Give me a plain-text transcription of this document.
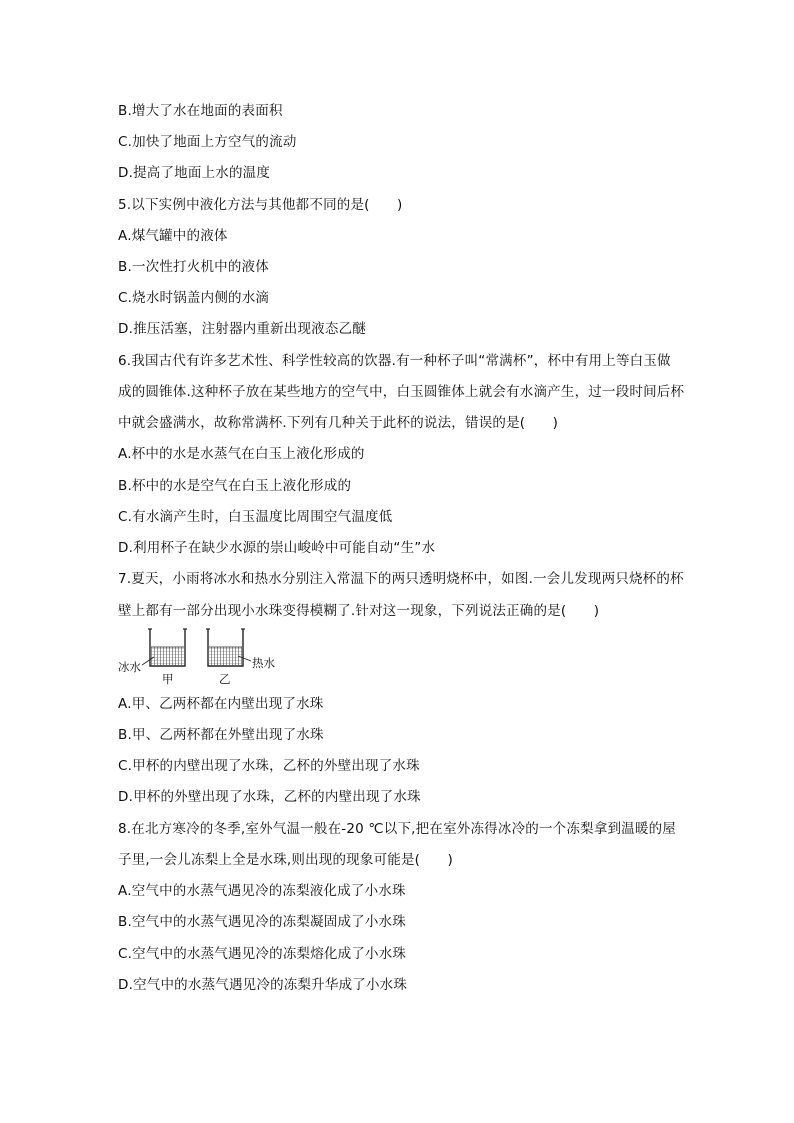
B.增大了水在地面的表面积
C.加快了地面上方空气的流动
D.提高了地面上水的温度
5.以下实例中液化方法与其他都不同的是(　　)
A.煤气罐中的液体
B.一次性打火机中的液体
C.烧水时锅盖内侧的水滴
D.推压活塞，注射器内重新出现液态乙醚
6.我国古代有许多艺术性、科学性较高的饮器.有一种杯子叫“常满杯”，杯中有用上等白玉做
成的圆锥体.这种杯子放在某些地方的空气中，白玉圆锥体上就会有水滴产生，过一段时间后杯
中就会盛满水，故称常满杯.下列有几种关于此杯的说法，错误的是(　　)
A.杯中的水是水蒸气在白玉上液化形成的
B.杯中的水是空气在白玉上液化形成的
C.有水滴产生时，白玉温度比周围空气温度低
D.利用杯子在缺少水源的崇山峻岭中可能自动“生”水
7.夏天，小雨将冰水和热水分别注入常温下的两只透明烧杯中，如图.一会儿发现两只烧杯的杯
壁上都有一部分出现小水珠变得模糊了.针对这一现象，下列说法正确的是(　　)
冰水	热水
甲	乙
A.甲、乙两杯都在内壁出现了水珠
B.甲、乙两杯都在外壁出现了水珠
C.甲杯的内壁出现了水珠，乙杯的外壁出现了水珠
D.甲杯的外壁出现了水珠，乙杯的内壁出现了水珠
8.在北方寒冷的冬季,室外气温一般在-20 ℃以下,把在室外冻得冰冷的一个冻梨拿到温暖的屋
子里,一会儿冻梨上全是水珠,则出现的现象可能是(　　)
A.空气中的水蒸气遇见冷的冻梨液化成了小水珠
B.空气中的水蒸气遇见冷的冻梨凝固成了小水珠
C.空气中的水蒸气遇见冷的冻梨熔化成了小水珠
D.空气中的水蒸气遇见冷的冻梨升华成了小水珠
